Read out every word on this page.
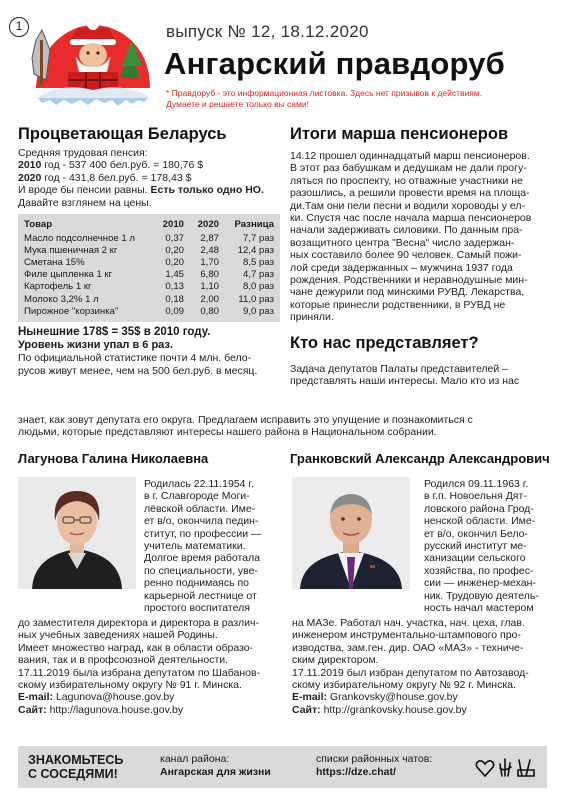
1	выпуск № 12, 18.12.2020
Ангарский правдоруб
* Правдоруб - это информационная листовка. Здесь нет призывов к действиям.
Думаете и решаете только вы сами!
Процветающая Беларусь
Средняя трудовая пенсия:
2010 год - 537 400 бел.руб. = 180,76 $
2020 год - 431,8 бел.руб. = 178,43 $
И вроде бы пенсии равны. Есть только одно НО.
Давайте взглянем на цены.
Товар	2010	2020	Разница
Масло подсолнечное 1 л	0,37	2,87	7,7 раз
Мука пшеничная 2 кг	0,20	2,48	12,4 раз
Сметана 15%	0,20	1,70	8,5 раз
Филе цыпленка 1 кг	1,45	6,80	4,7 раз
Картофель 1 кг	0,13	1,10	8,0 раз
Молоко 3,2% 1 л	0,18	2,00	11,0 раз
Пирожное "корзинка"	0,09	0,80	9,0 раз
Нынешние 178$ = 35$ в 2010 году.
Уровень жизни упал в 6 раз.
По официальной статистике почти 4 млн. бело-
русов живут менее, чем на 500 бел.руб. в месяц.
Итоги марша пенсионеров
14.12 прошел одиннадцатый марш пенсионеров.
В этот раз бабушкам и дедушкам не дали прогу-
ляться по проспекту, но отважные участники не
разошлись, а решили провести время на площа-
ди.Там они пели песни и водили хороводы у ел-
ки. Спустя час после начала марша пенсионеров
начали задерживать силовики. По данным пра-
возащитного центра "Весна" число задержан-
ных составило более 90 человек. Самый пожи-
лой среди задержанных – мужчина 1937 года
рождения. Родственники и неравнодушные мин-
чане дежурили под минскими РУВД. Лекарства,
которые принесли родственники, в РУВД не
приняли.
Кто нас представляет?
Задача депутатов Палаты представителей –
представлять наши интересы. Мало кто из нас
знает, как зовут депутата его округа. Предлагаем исправить это упущение и познакомиться с
людьми, которые представляют интересы нашего района в Национальном собрании.
Лагунова Галина Николаевна
Родилась 22.11.1954 г.
в г. Славгороде Моги-
лёвской области. Име-
ет в/о, окончила педин-
ститут, по профессии —
учитель математики.
Долгое время работала
по специальности, уве-
ренно поднимаясь по
карьерной лестнице от
простого воспитателя
до заместителя директора и директора в различ-
ных учебных заведениях нашей Родины.
Имеет множество наград, как в области образо-
вания, так и в профсоюзной деятельности.
17.11.2019 была избрана депутатом по Шабанов-
скому избирательному округу № 91 г. Минска.
E-mail: Lagunova@house.gov.by
Сайт: http://lagunova.house.gov.by
Гранковский Александр Александрович
Родился 09.11.1963 г.
в г.п. Новоельня Дят-
ловского района Грод-
ненской области. Име-
ет в/о, окончил Бело-
русский институт ме-
ханизации сельского
хозяйства, по профес-
сии — инженер-механ-
ник. Трудовую деятель-
ность начал мастером
на МАЗе. Работал нач. участка, нач. цеха, глав.
инженером инструментально-штампового про-
изводства, зам.ген. дир. ОАО «МАЗ» - техниче-
ским директором.
17.11.2019 был избран депутатом по Автозавод-
скому избирательному округу № 92 г. Минска.
E-mail: Grankovsky@house.gov.by
Сайт: http://grankovsky.house.gov.by
ЗНАКОМЬТЕСЬ
С СОСЕДЯМИ!
канал района:
Ангарская для жизни
списки районных чатов:
https://dze.chat/
